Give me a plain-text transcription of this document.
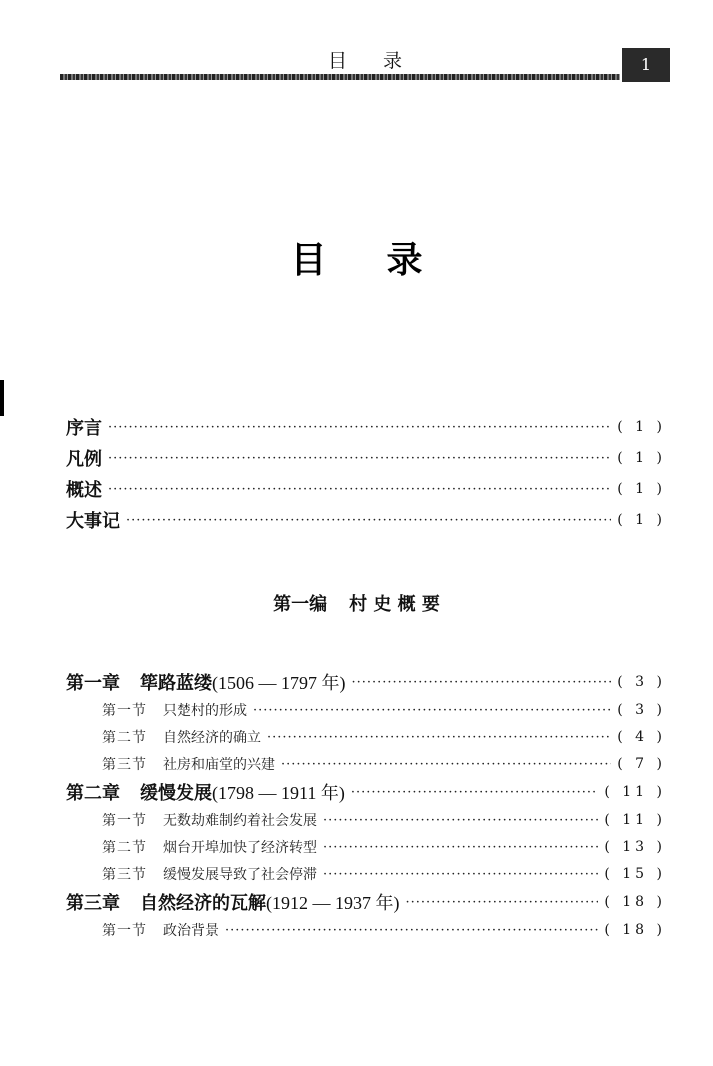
目 录	1
目 录
序言 ·····	( 1 )
凡例 ·····	( 1 )
概述 ·····	( 1 )
大事记 ·····	( 1 )
第一编 村 史 概 要
第一章 筚路蓝缕(1506 — 1797 年) ·····	( 3 )
第一节 只楚村的形成 ·····	( 3 )
第二节 自然经济的确立 ·····	( 4 )
第三节 社房和庙堂的兴建 ·····	( 7 )
第二章 缓慢发展(1798 — 1911 年) ·····	( 11 )
第一节 无数劫难制约着社会发展 ·····	( 11 )
第二节 烟台开埠加快了经济转型 ·····	( 13 )
第三节 缓慢发展导致了社会停滞 ·····	( 15 )
第三章 自然经济的瓦解(1912 — 1937 年) ·····	( 18 )
第一节 政治背景 ·····	( 18 )
